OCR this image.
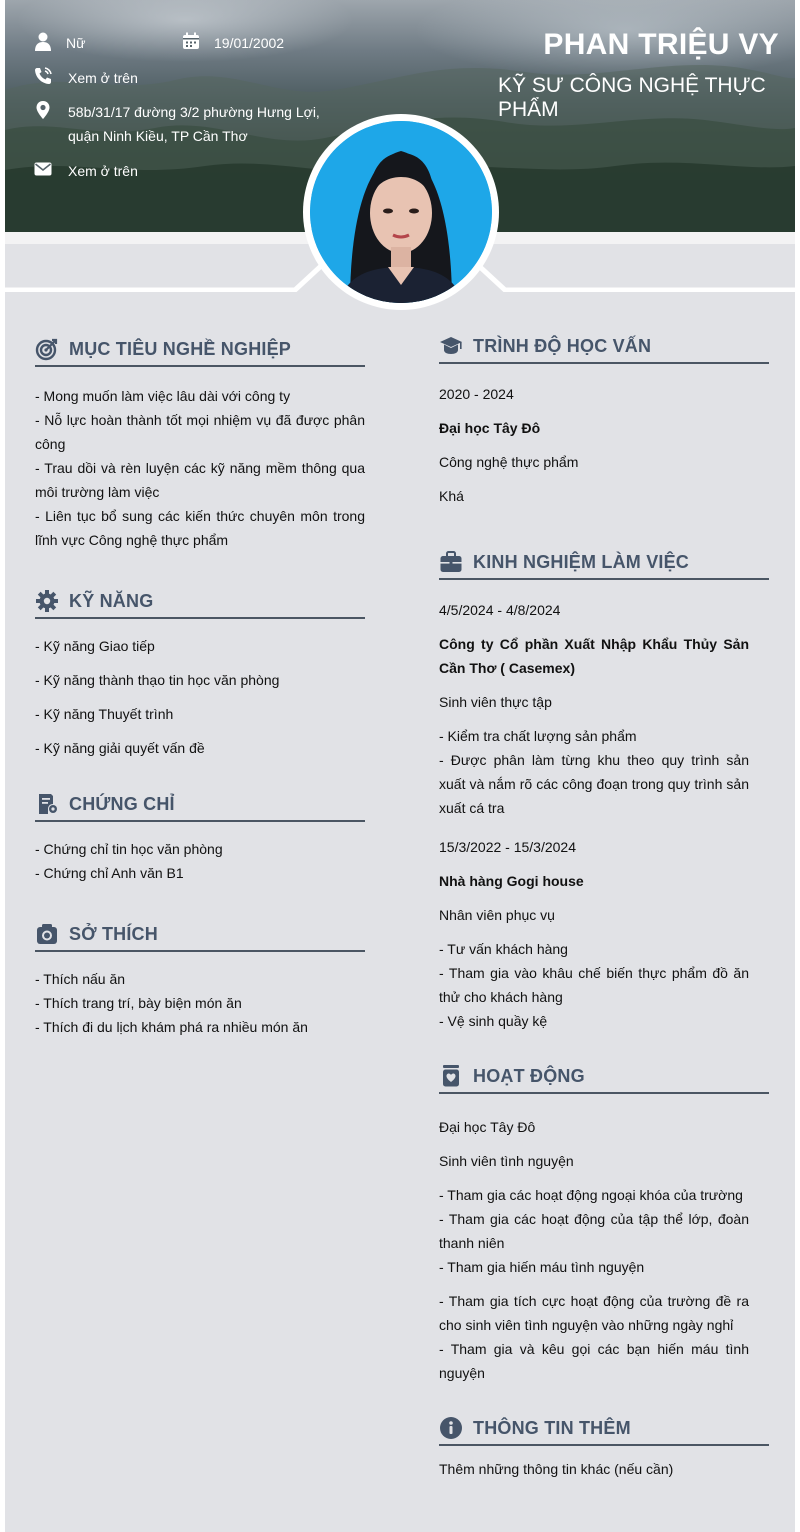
Nữ	19/01/2002
Xem ở trên
58b/31/17 đường 3/2 phường Hưng Lợi,
quận Ninh Kiều, TP Cần Thơ
Xem ở trên
PHAN TRIỆU VY
KỸ SƯ CÔNG NGHỆ THỰC PHẨM
MỤC TIÊU NGHỀ NGHIỆP
- Mong muốn làm việc lâu dài với công ty
- Nỗ lực hoàn thành tốt mọi nhiệm vụ đã được phân công
- Trau dồi và rèn luyện các kỹ năng mềm thông qua môi trường làm việc
- Liên tục bổ sung các kiến thức chuyên môn trong lĩnh vực Công nghệ thực phẩm
KỸ NĂNG
- Kỹ năng Giao tiếp
- Kỹ năng thành thạo tin học văn phòng
- Kỹ năng Thuyết trình
- Kỹ năng giải quyết vấn đề
CHỨNG CHỈ
- Chứng chỉ tin học văn phòng
- Chứng chỉ Anh văn B1
SỞ THÍCH
- Thích nấu ăn
- Thích trang trí, bày biện món ăn
- Thích đi du lịch khám phá ra nhiều món ăn
TRÌNH ĐỘ HỌC VẤN
2020 - 2024
Đại học Tây Đô
Công nghệ thực phẩm
Khá
KINH NGHIỆM LÀM VIỆC
4/5/2024 - 4/8/2024
Công ty Cổ phần Xuất Nhập Khẩu Thủy Sản Cần Thơ ( Casemex)
Sinh viên thực tập
- Kiểm tra chất lượng sản phẩm
- Được phân làm từng khu theo quy trình sản xuất và nắm rõ các công đoạn trong quy trình sản xuất cá tra
15/3/2022 - 15/3/2024
Nhà hàng Gogi house
Nhân viên phục vụ
- Tư vấn khách hàng
- Tham gia vào khâu chế biến thực phẩm đồ ăn thử cho khách hàng
- Vệ sinh quầy kệ
HOẠT ĐỘNG
Đại học Tây Đô
Sinh viên tình nguyện
- Tham gia các hoạt động ngoại khóa của trường
- Tham gia các hoạt động của tập thể lớp, đoàn thanh niên
- Tham gia hiến máu tình nguyện
- Tham gia tích cực hoạt động của trường đề ra cho sinh viên tình nguyện vào những ngày nghỉ
- Tham gia và kêu gọi các bạn hiến máu tình nguyện
THÔNG TIN THÊM
Thêm những thông tin khác (nếu cần)
